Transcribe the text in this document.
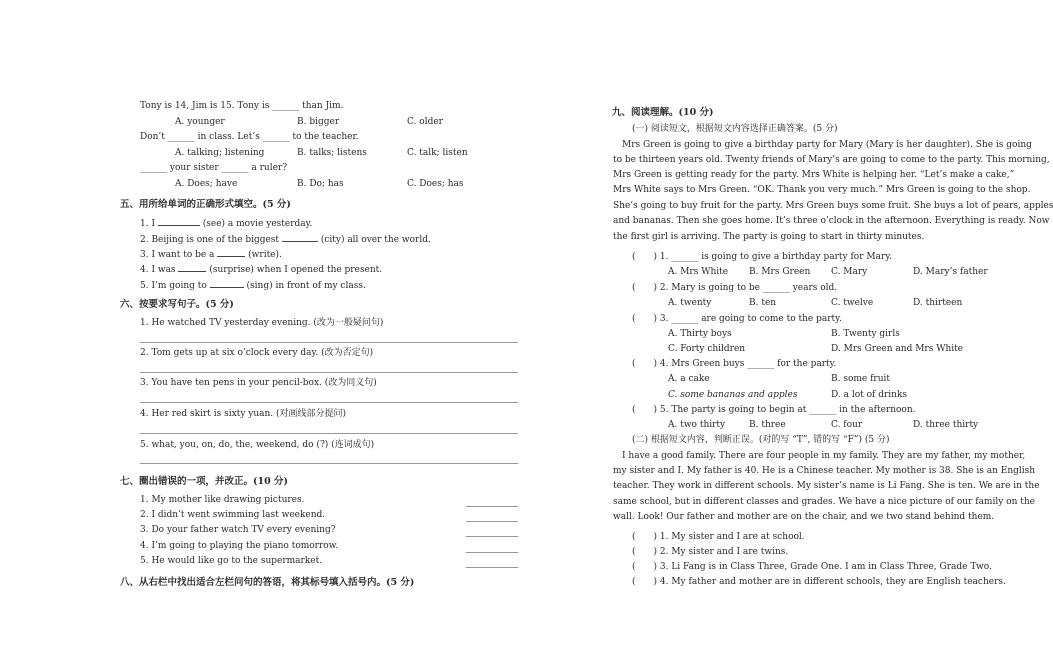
Tony is 14, Jim is 15. Tony is ______ than Jim.
A. younger	B. bigger	C. older
Don’t ______ in class. Let’s ______ to the teacher.
A. talking; listening	B. talks; listens	C. talk; listen
______ your sister ______ a ruler?
A. Does; have	B. Do; has	C. Does; has
五、用所给单词的正确形式填空。(5 分)
1. I	(see) a movie yesterday.
2. Beijing is one of the biggest	(city) all over the world.
3. I want to be a	(write).
4. I was	(surprise) when I opened the present.
5. I’m going to	(sing) in front of my class.
六、按要求写句子。(5 分)
1. He watched TV yesterday evening. (改为一般疑问句)
2. Tom gets up at six o’clock every day. (改为否定句)
3. You have ten pens in your pencil-box. (改为同义句)
4. Her red skirt is sixty yuan. (对画线部分提问)
5. what, you, on, do, the, weekend, do (?) (连词成句)
七、圈出错误的一项，并改正。(10 分)
1. My mother like drawing pictures.
2. I didn’t went swimming last weekend.
3. Do your father watch TV every evening?
4. I’m going to playing the piano tomorrow.
5. He would like go to the supermarket.
八、从右栏中找出适合左栏问句的答语，将其标号填入括号内。(5 分)
九、阅读理解。(10 分)
(一) 阅读短文，根据短文内容选择正确答案。(5 分)
　Mrs Green is going to give a birthday party for Mary (Mary is her daughter). She is going
to be thirteen years old. Twenty friends of Mary’s are going to come to the party. This morning,
Mrs Green is getting ready for the party. Mrs White is helping her. “Let’s make a cake,”
Mrs White says to Mrs Green. “OK. Thank you very much.” Mrs Green is going to the shop.
She’s going to buy fruit for the party. Mrs Green buys some fruit. She buys a lot of pears, apples
and bananas. Then she goes home. It’s three o’clock in the afternoon. Everything is ready. Now
the first girl is arriving. The party is going to start in thirty minutes.
(　　) 1. ______ is going to give a birthday party for Mary.
A. Mrs White B. Mrs Green C. Mary	D. Mary’s father
(　　) 2. Mary is going to be ______ years old.
A. twenty	B. ten	C. twelve	D. thirteen
(　　) 3. ______ are going to come to the party.
A. Thirty boys	B. Twenty girls
C. Forty children	D. Mrs Green and Mrs White
(　　) 4. Mrs Green buys ______ for the party.
A. a cake	B. some fruit
C. some bananas and apples	D. a lot of drinks
(　　) 5. The party is going to begin at ______ in the afternoon.
A. two thirty	B. three	C. four	D. three thirty
(二) 根据短文内容，判断正误。(对的写 “T”, 错的写 “F”) (5 分)
　I have a good family. There are four people in my family. They are my father, my mother,
my sister and I. My father is 40. He is a Chinese teacher. My mother is 38. She is an English
teacher. They work in different schools. My sister’s name is Li Fang. She is ten. We are in the
same school, but in different classes and grades. We have a nice picture of our family on the
wall. Look! Our father and mother are on the chair, and we two stand behind them.
(　　) 1. My sister and I are at school.
(　　) 2. My sister and I are twins.
(　　) 3. Li Fang is in Class Three, Grade One. I am in Class Three, Grade Two.
(　　) 4. My father and mother are in different schools, they are English teachers.
